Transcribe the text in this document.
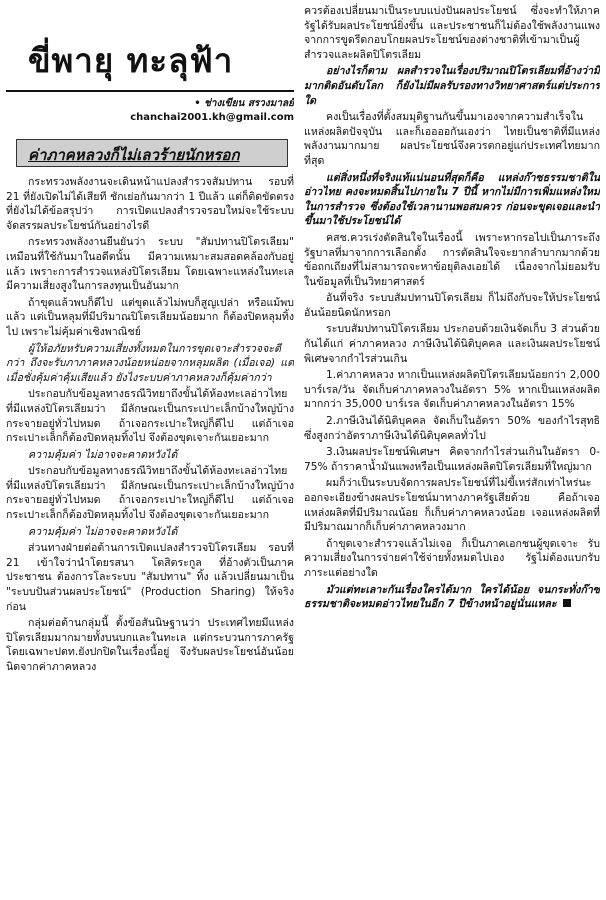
ขี่พายุ ทะลุฟ้า
• ช่างเขียน สรวงมาลย์
chanchai2001.kh@gmail.com
ค่าภาคหลวงก็ไม่เลวร้ายนักหรอก

กระทรวงพลังงานจะเดินหน้าแปลงสำรวจสัมปทาน รอบที่ 21 ที่ยังเปิดไม่ได้เสียที ชักเย่อกันมากว่า 1 ปีแล้ว แต่ก็ติดขัดตรงที่ยังไม่ได้ข้อสรุปว่า การเปิดแปลงสำรวจรอบใหม่จะใช้ระบบจัดสรรผลประโยชน์กันอย่างไรดี

กระทรวงพลังงานยืนยันว่า ระบบ "สัมปทานปิโตรเลียม" เหมือนที่ใช้กันมาในอดีตนั้น มีความเหมาะสมสอดคล้องกับอยู่แล้ว เพราะการสำรวจแหล่งปิโตรเลียม โดยเฉพาะแหล่งในทะเล มีความเสี่ยงสูงในการลงทุนเป็นอันมาก

ถ้าขุดแล้วพบก็ดีไป แต่ขุดแล้วไม่พบก็สูญเปล่า หรือแม้พบแล้ว แต่เป็นหลุมที่มีปริมาณปิโตรเลียมน้อยมาก ก็ต้องปิดหลุมทิ้งไป เพราะไม่คุ้มค่าเชิงพาณิชย์

ผู้ให้อภัยหรับความเสี่ยงทั้งหมดในการขุดเจาะสำรวจจะตีกว่า ถึงจะรับภาภาคหลวงน้อยหน่อยจากหลุมผลิต (เมื่อเจอ) แต่เมื่อชั่งคุ้มค่าคุ้มเสียแล้ว ยังไงระบบค่าภาคหลวงก็คุ้มค่ากว่า

ประกอบกับข้อมูลทางธรณีวิทยาถึงขั้นได้ห้องทะเลอ่าวไทยที่มีแหล่งปิโตรเลียมว่า มีลักษณะเป็นกระเปาะเล็กบ้างใหญ่บ้าง กระจายอยู่ทั่วไปหมด ถ้าเจอกระเปาะใหญ่ก็ดีไป แต่ถ้าเจอกระเปาะเล็กก็ต้องปิดหลุมทิ้งไป จึงต้องขุดเจาะกันเยอะมาก

ความคุ้มค่า ไม่อาจจะคาดหวังได้

ประกอบกับข้อมูลทางธรณีวิทยาถึงขั้นได้ห้องทะเลอ่าวไทยที่มีแหล่งปิโตรเลียมว่า มีลักษณะเป็นกระเปาะเล็กบ้างใหญ่บ้าง กระจายอยู่ทั่วไปหมด ถ้าเจอกระเปาะใหญ่ก็ดีไป แต่ถ้าเจอกระเปาะเล็กก็ต้องปิดหลุมทิ้งไป จึงต้องขุดเจาะกันเยอะมาก

ความคุ้มค่า ไม่อาจจะคาดหวังได้

ส่วนทางฝ่ายต่อต้านการเปิดแปลงสำรวจปิโตรเลียม รอบที่ 21 เข้าใจว่านำโดยรสนา โตสิตระกูล ที่อ้างตัวเป็นภาคประชาชน ต้องการโละระบบ "สัมปทาน" ทิ้ง แล้วเปลี่ยนมาเป็น "ระบบปันส่วนผลประโยชน์" (Production Sharing) ให้จริงก่อน

กลุ่มต่อต้านกลุ่มนี้ ตั้งข้อสันนิษฐานว่า ประเทศไทยมีแหล่งปิโตรเลียมมากมายทั้งบนบกและในทะเล แต่กระบวนการภาครัฐโดยเฉพาะปตท.ยังปกปิดในเรื่องนี้อยู่ จึงรับผลประโยชน์อันน้อยนิดจากค่าภาคหลวง

ควรต้องเปลี่ยนมาเป็นระบบแบ่งปันผลประโยชน์ ซึ่งจะทำให้ภาครัฐได้รับผลประโยชน์ยิ่งขึ้น และประชาชนก็ไม่ต้องใช้พลังงานแพงจากการขูดรีดกอบโกยผลประโยชน์ของต่างชาติที่เข้ามาเป็นผู้สำรวจและผลิตปิโตรเลียม

อย่างไรก็ตาม ผลสำรวจในเรื่องปริมาณปิโตรเลียมที่อ้างว่ามีมากติดอันดับโลก ก็ยังไม่มีผลรับรองทางวิทยาศาสตร์แต่ประการใด

คงเป็นเรื่องที่ตั้งสมมุติฐานกันขึ้นมาเองจากความสำเร็จในแหล่งผลิตปัจจุบัน และก็เออออกันเองว่า ไทยเป็นชาติที่มีแหล่งพลังงานมากมาย ผลประโยชน์จึงควรตกอยู่แก่ประเทศไทยมากที่สุด

แต่สิ่งหนึ่งที่จริงแท้แน่นอนที่สุดก็คือ แหล่งก๊าซธรรมชาติในอ่าวไทย คงจะหมดสิ้นไปภายใน 7 ปีนี้ หากไม่มีการเพิ่มแหล่งใหม่ในการสำรวจ ซึ่งต้องใช้เวลานานพอสมควร ก่อนจะขุดเจอและนำขึ้นมาใช้ประโยชน์ได้

คสช.ควรเร่งตัดสินใจในเรื่องนี้ เพราะหากรอไปเป็นภาระถึงรัฐบาลที่มาจากการเลือกตั้ง การตัดสินใจจะยากลำบากมากด้วยข้อถกเถียงที่ไม่สามารถจะหาข้อยุติลงเอยได้ เนื่องจากไม่ยอมรับในข้อมูลที่เป็นวิทยาศาสตร์

อันที่จริง ระบบสัมปทานปิโตรเลียม ก็ไม่ถึงกับจะให้ประโยชน์อันน้อยนิดนักหรอก

ระบบสัมปทานปิโตรเลียม ประกอบด้วยเงินจัดเก็บ 3 ส่วนด้วยกันได้แก่ ค่าภาคหลวง ภาษีเงินได้นิติบุคคล และเงินผลประโยชน์พิเศษจากกำไรส่วนเกิน

1.ค่าภาคหลวง หากเป็นแหล่งผลิตปิโตรเลียมน้อยกว่า 2,000 บาร์เรล/วัน จัดเก็บค่าภาคหลวงในอัตรา 5% หากเป็นแหล่งผลิตมากกว่า 35,000 บาร์เรล จัดเก็บค่าภาคหลวงในอัตรา 15%

2.ภาษีเงินได้นิติบุคคล จัดเก็บในอัตรา 50% ของกำไรสุทธิ ซึ่งสูงกว่าอัตราภาษีเงินได้นิติบุคคลทั่วไป

3.เงินผลประโยชน์พิเศษฯ คิดจากกำไรส่วนเกินในอัตรา 0-75% ถ้าราคาน้ำมันแพงหรือเป็นแหล่งผลิตปิโตรเลียมที่ใหญ่มาก

ผมก็ว่าเป็นระบบจัดการผลประโยชน์ที่ไม่ขี้เหร่สักเท่าไหร่นะ ออกจะเอียงข้างผลประโยชน์มาทางภาครัฐเสียด้วย คือถ้าเจอแหล่งผลิตที่มีปริมาณน้อย ก็เก็บค่าภาคหลวงน้อย เจอแหล่งผลิตที่มีปริมาณมากก็เก็บค่าภาคหลวงมาก

ถ้าขุดเจาะสำรวจแล้วไม่เจอ ก็เป็นภาคเอกชนผู้ขุดเจาะ รับความเสี่ยงในการจ่ายค่าใช้จ่ายทั้งหมดไปเอง รัฐไม่ต้องแบกรับภาระแต่อย่างใด

มัวแต่ทะเลาะกันเรื่องใครได้มาก ใครได้น้อย จนกระทั่งก๊าซธรรมชาติจะหมดอ่าวไทยในอีก 7 ปีข้างหน้าอยู่นั่นแหละ
